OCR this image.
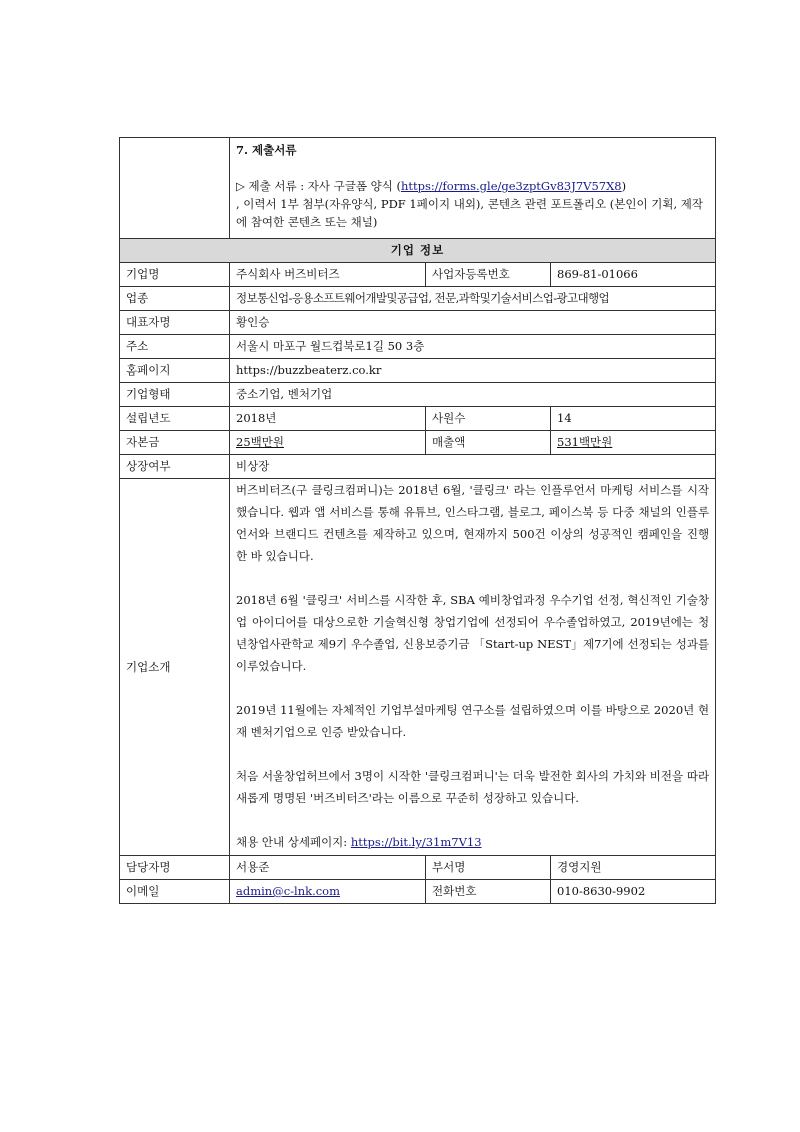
	7. 제출서류
▷ 제출 서류 : 자사 구글폼 양식 (https://forms.gle/ge3zptGv83J7V57X8)
, 이력서 1부 첨부(자유양식, PDF 1페이지 내외), 콘텐츠 관련 포트폴리오 (본인이 기획, 제작에 참여한 콘텐츠 또는 채널)		

기업 정보			
기업명	주식회사 버즈비터즈	사업자등록번호	869-81-01066
업종	정보통신업-응용소프트웨어개발및공급업, 전문,과학및기술서비스업-광고대행업		
대표자명	황인승		
주소	서울시 마포구 월드컵북로1길 50 3층		
홈페이지	https://buzzbeaterz.co.kr		
기업형태	중소기업, 벤처기업		
설립년도	2018년	사원수	14
자본금	25백만원	매출액	531백만원
상장여부	비상장		
기업소개	버즈비터즈(구 클링크컴퍼니)는 2018년 6월, '클링크' 라는 인플루언서 마케팅 서비스를 시작했습니다. 웹과 앱 서비스를 통해 유튜브, 인스타그램, 블로그, 페이스북 등 다중 채널의 인플루언서와 브랜디드 컨텐츠를 제작하고 있으며, 현재까지 500건 이상의 성공적인 캠페인을 진행한 바 있습니다.

2018년 6월 '클링크' 서비스를 시작한 후, SBA 예비창업과정 우수기업 선정, 혁신적인 기술창업 아이디어를 대상으로한 기술혁신형 창업기업에 선정되어 우수졸업하였고, 2019년에는 청년창업사관학교 제9기 우수졸업, 신용보증기금 「Start-up NEST」제7기에 선정되는 성과를 이루었습니다.

2019년 11월에는 자체적인 기업부설마케팅 연구소를 설립하였으며 이를 바탕으로 2020년 현재 벤처기업으로 인증 받았습니다.

처음 서울창업허브에서 3명이 시작한 '클링크컴퍼니'는 더욱 발전한 회사의 가치와 비전을 따라 새롭게 명명된 '버즈비터즈'라는 이름으로 꾸준히 성장하고 있습니다.

채용 안내 상세페이지: https://bit.ly/31m7V13		

담당자명	서용준	부서명	경영지원
이메일	admin@c-lnk.com	전화번호	010-8630-9902
